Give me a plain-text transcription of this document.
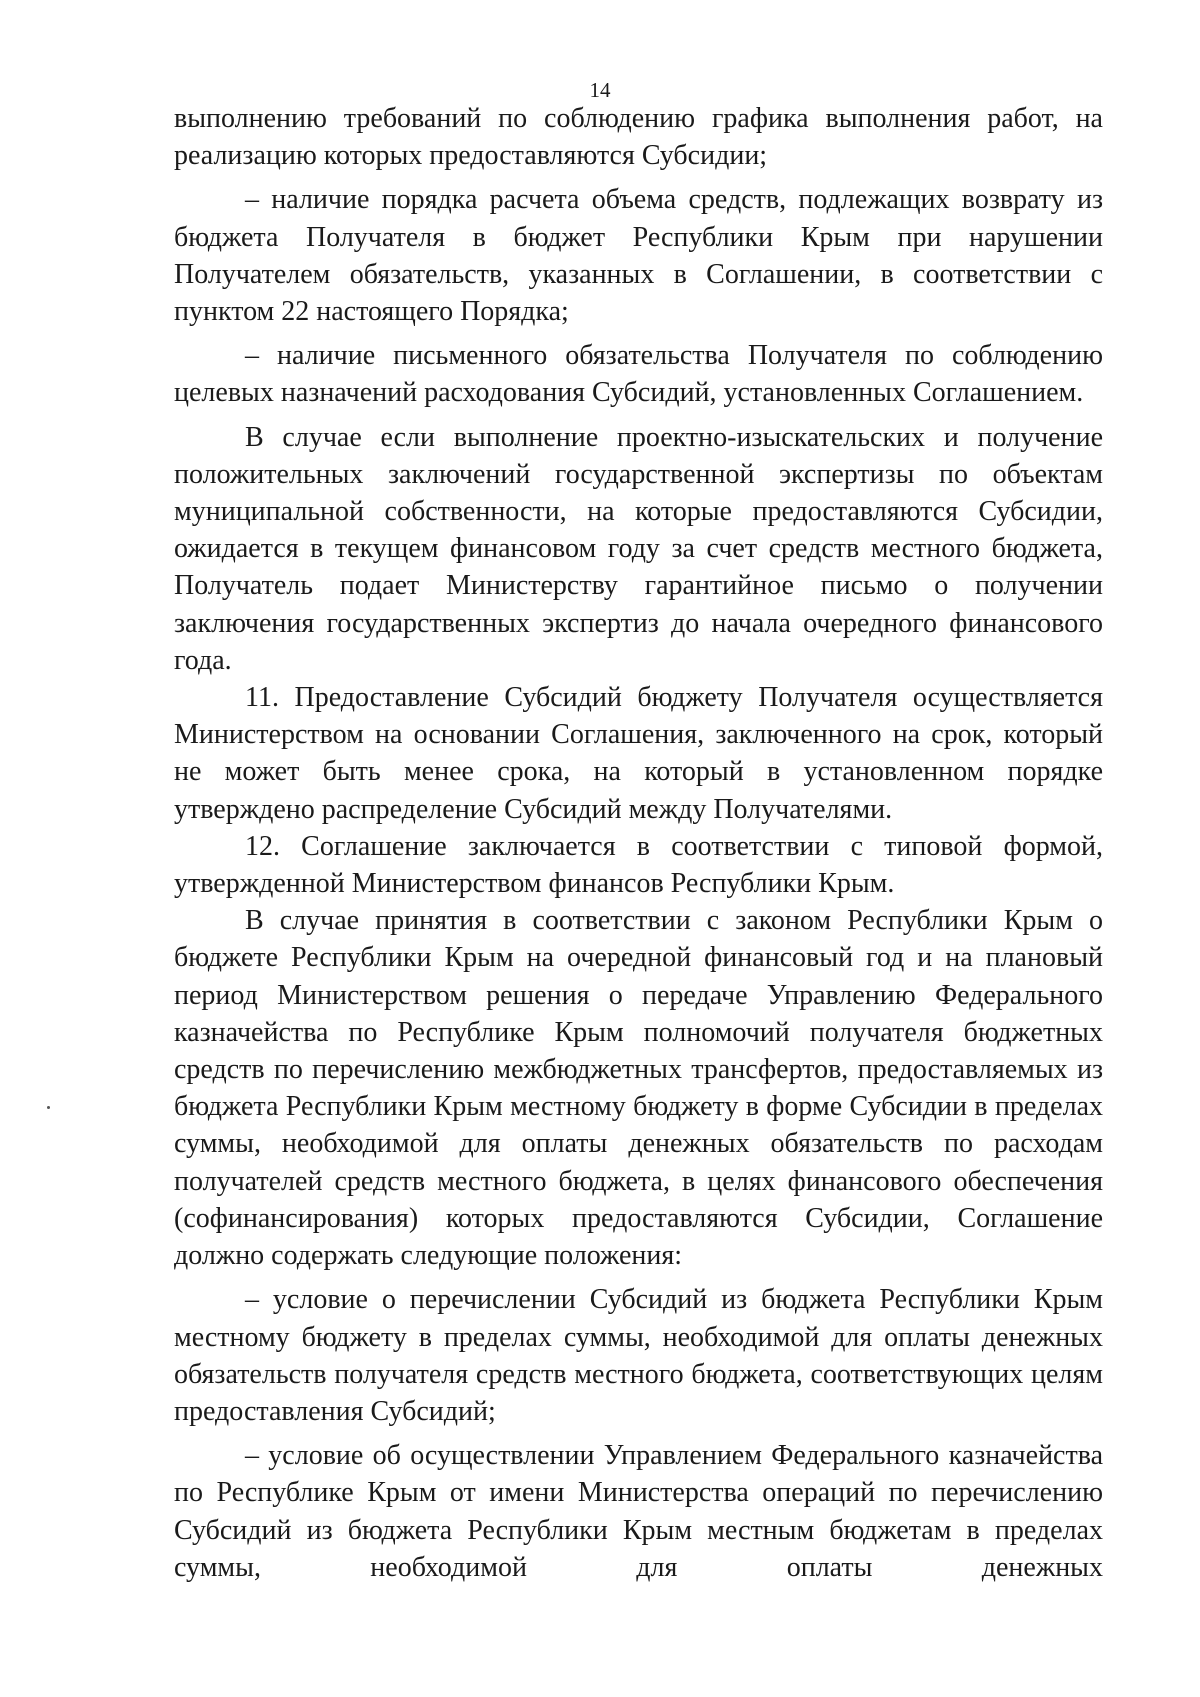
14

выполнению требований по соблюдению графика выполнения работ, на реализацию которых предоставляются Субсидии;

– наличие порядка расчета объема средств, подлежащих возврату из бюджета Получателя в бюджет Республики Крым при нарушении Получателем обязательств, указанных в Соглашении, в соответствии с пунктом 22 настоящего Порядка;

– наличие письменного обязательства Получателя по соблюдению целевых назначений расходования Субсидий, установленных Соглашением.

В случае если выполнение проектно-изыскательских и получение положительных заключений государственной экспертизы по объектам муниципальной собственности, на которые предоставляются Субсидии, ожидается в текущем финансовом году за счет средств местного бюджета, Получатель подает Министерству гарантийное письмо о получении заключения государственных экспертиз до начала очередного финансового года.

11. Предоставление Субсидий бюджету Получателя осуществляется Министерством на основании Соглашения, заключенного на срок, который не может быть менее срока, на который в установленном порядке утверждено распределение Субсидий между Получателями.

12. Соглашение заключается в соответствии с типовой формой, утвержденной Министерством финансов Республики Крым.

В случае принятия в соответствии с законом Республики Крым о бюджете Республики Крым на очередной финансовый год и на плановый период Министерством решения о передаче Управлению Федерального казначейства по Республике Крым полномочий получателя бюджетных средств по перечислению межбюджетных трансфертов, предоставляемых из бюджета Республики Крым местному бюджету в форме Субсидии в пределах суммы, необходимой для оплаты денежных обязательств по расходам получателей средств местного бюджета, в целях финансового обеспечения (софинансирования) которых предоставляются Субсидии, Соглашение должно содержать следующие положения:

– условие о перечислении Субсидий из бюджета Республики Крым местному бюджету в пределах суммы, необходимой для оплаты денежных обязательств получателя средств местного бюджета, соответствующих целям предоставления Субсидий;

– условие об осуществлении Управлением Федерального казначейства по Республике Крым от имени Министерства операций по перечислению Субсидий из бюджета Республики Крым местным бюджетам в пределах суммы, необходимой для оплаты денежных
